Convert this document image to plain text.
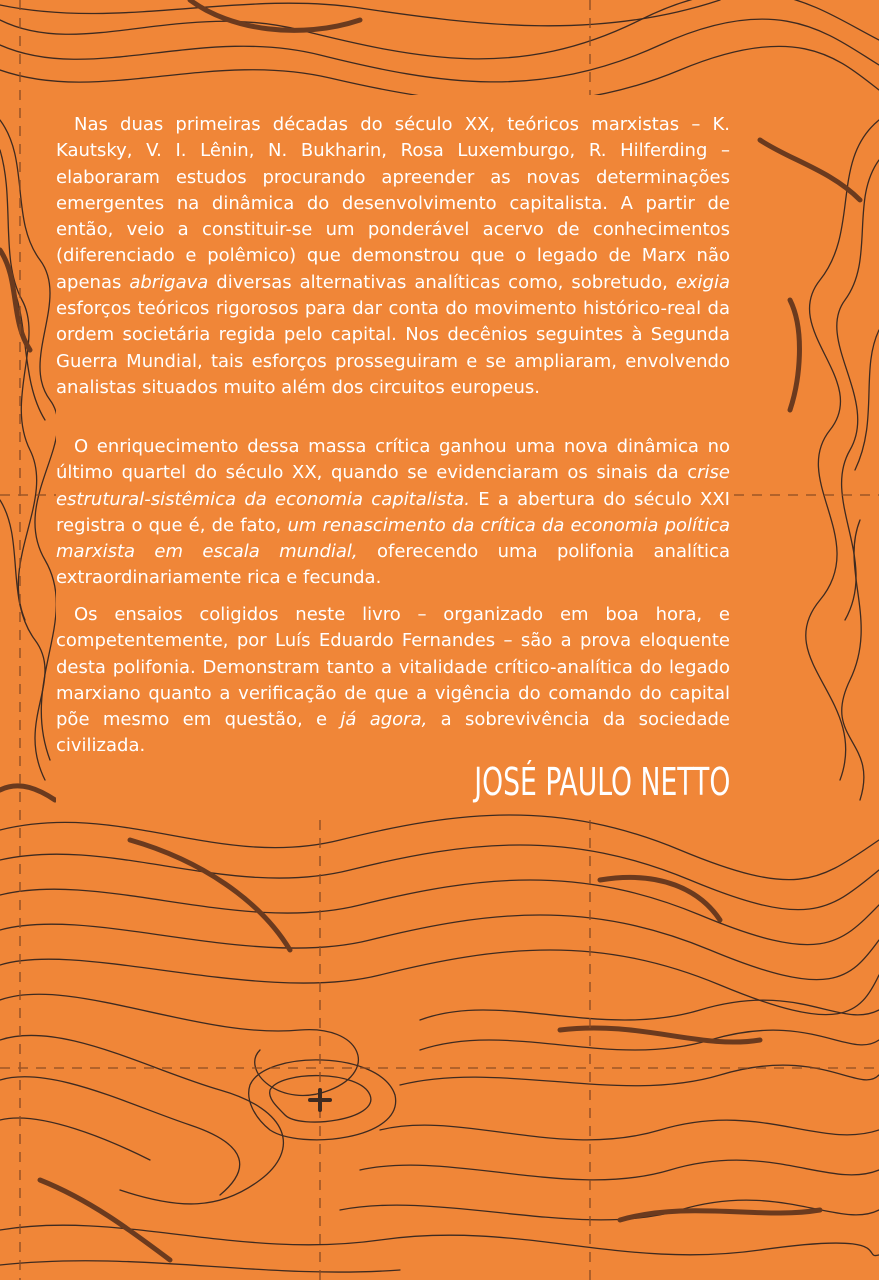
Nas duas primeiras décadas do século XX, teóricos marxistas – K. Kautsky, V. I. Lênin, N. Bukharin, Rosa Luxemburgo, R. Hilferding – elaboraram estudos procurando apreender as novas determinações emergentes na dinâmica do desenvolvimento capitalista. A partir de então, veio a constituir-se um ponderável acervo de conhecimentos (diferenciado e polêmico) que demonstrou que o legado de Marx não apenas abrigava diversas alternativas analíticas como, sobretudo, exigia esforços teóricos rigorosos para dar conta do movimento histórico-real da ordem societária regida pelo capital. Nos decênios seguintes à Segunda Guerra Mundial, tais esforços prosseguiram e se ampliaram, envolvendo analistas situados muito além dos circuitos europeus.

O enriquecimento dessa massa crítica ganhou uma nova dinâmica no último quartel do século XX, quando se evidenciaram os sinais da crise estrutural-sistêmica da economia capitalista. E a abertura do século XXI registra o que é, de fato, um renascimento da crítica da economia política marxista em escala mundial, oferecendo uma polifonia analítica extraordinariamente rica e fecunda.

Os ensaios coligidos neste livro – organizado em boa hora, e competentemente, por Luís Eduardo Fernandes – são a prova eloquente desta polifonia. Demonstram tanto a vitalidade crítico-analítica do legado marxiano quanto a verificação de que a vigência do comando do capital põe mesmo em questão, e já agora, a sobrevivência da sociedade civilizada.

JOSÉ PAULO NETTO
